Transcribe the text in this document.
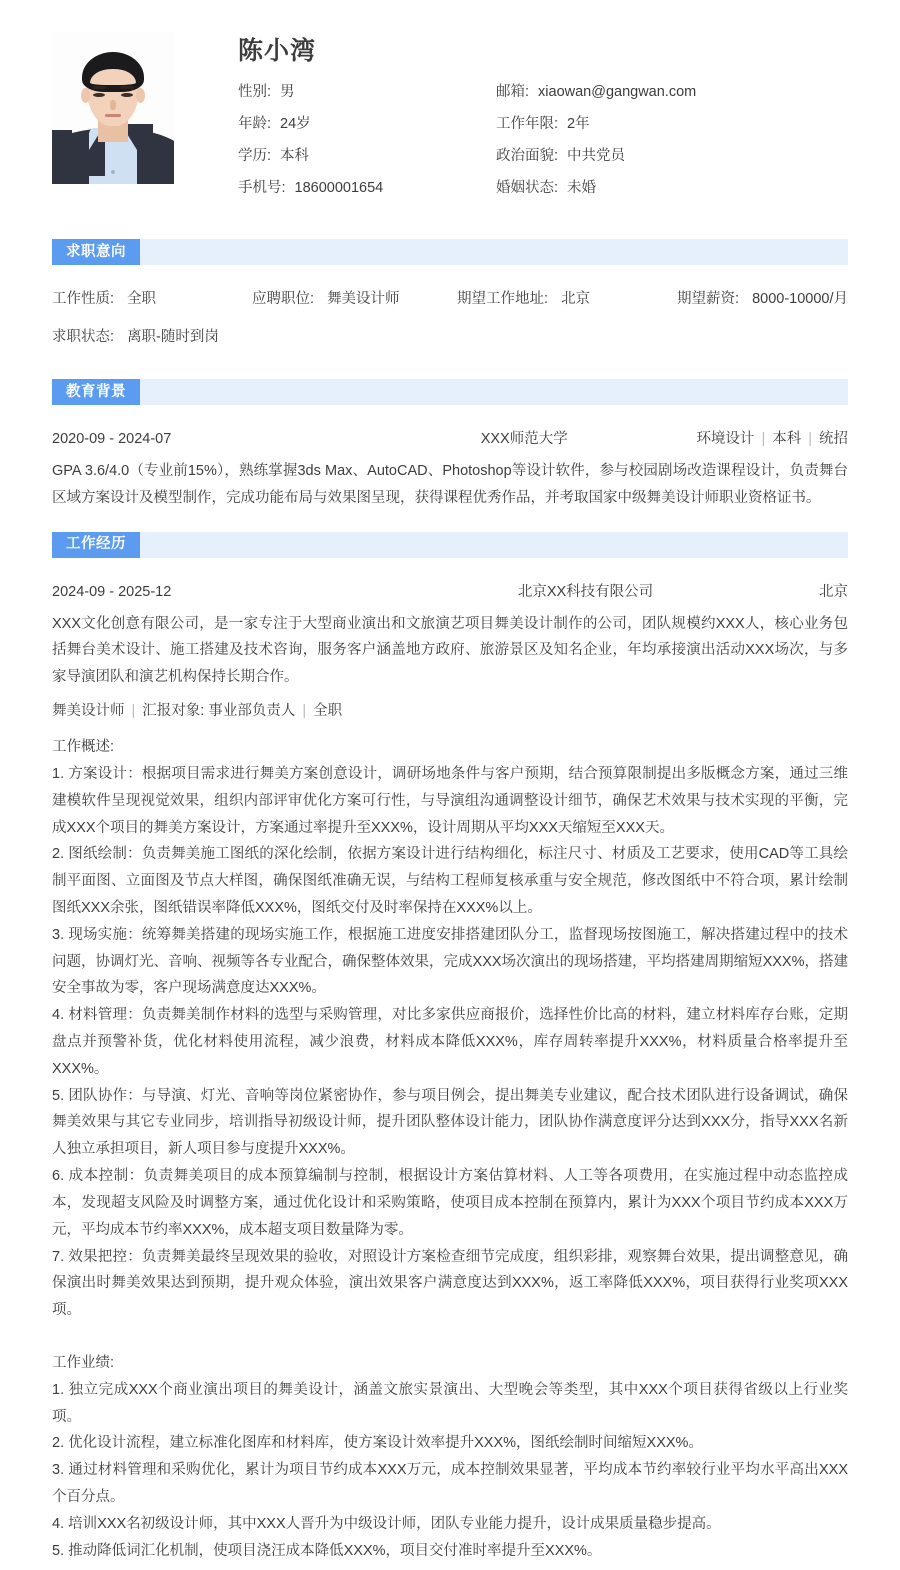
陈小湾
性别: 男	邮箱: xiaowan@gangwan.com
年龄: 24岁	工作年限: 2年
学历: 本科	政治面貌: 中共党员
手机号: 18600001654	婚姻状态: 未婚
求职意向
工作性质: 全职	应聘职位: 舞美设计师	期望工作地址: 北京	期望薪资: 8000-10000/月
求职状态: 离职-随时到岗
教育背景
2020-09 - 2024-07	XXX师范大学	环境设计 | 本科 | 统招
GPA 3.6/4.0（专业前15%），熟练掌握3ds Max、AutoCAD、Photoshop等设计软件，参与校园剧场改造课程设计，负责舞台区域方案设计及模型制作，完成功能布局与效果图呈现，获得课程优秀作品，并考取国家中级舞美设计师职业资格证书。
工作经历
2024-09 - 2025-12	北京XX科技有限公司	北京
XXX文化创意有限公司，是一家专注于大型商业演出和文旅演艺项目舞美设计制作的公司，团队规模约XXX人，核心业务包括舞台美术设计、施工搭建及技术咨询，服务客户涵盖地方政府、旅游景区及知名企业，年均承接演出活动XXX场次，与多家导演团队和演艺机构保持长期合作。
舞美设计师 | 汇报对象: 事业部负责人 | 全职

工作概述:

1. 方案设计：根据项目需求进行舞美方案创意设计，调研场地条件与客户预期，结合预算限制提出多版概念方案，通过三维建模软件呈现视觉效果，组织内部评审优化方案可行性，与导演组沟通调整设计细节，确保艺术效果与技术实现的平衡，完成XXX个项目的舞美方案设计，方案通过率提升至XXX%，设计周期从平均XXX天缩短至XXX天。

2. 图纸绘制：负责舞美施工图纸的深化绘制，依据方案设计进行结构细化，标注尺寸、材质及工艺要求，使用CAD等工具绘制平面图、立面图及节点大样图，确保图纸准确无误，与结构工程师复核承重与安全规范，修改图纸中不符合项，累计绘制图纸XXX余张，图纸错误率降低XXX%，图纸交付及时率保持在XXX%以上。

3. 现场实施：统筹舞美搭建的现场实施工作，根据施工进度安排搭建团队分工，监督现场按图施工，解决搭建过程中的技术问题，协调灯光、音响、视频等各专业配合，确保整体效果，完成XXX场次演出的现场搭建，平均搭建周期缩短XXX%，搭建安全事故为零，客户现场满意度达XXX%。

4. 材料管理：负责舞美制作材料的选型与采购管理，对比多家供应商报价，选择性价比高的材料，建立材料库存台账，定期盘点并预警补货，优化材料使用流程，减少浪费，材料成本降低XXX%，库存周转率提升XXX%，材料质量合格率提升至XXX%。

5. 团队协作：与导演、灯光、音响等岗位紧密协作，参与项目例会，提出舞美专业建议，配合技术团队进行设备调试，确保舞美效果与其它专业同步，培训指导初级设计师，提升团队整体设计能力，团队协作满意度评分达到XXX分，指导XXX名新人独立承担项目，新人项目参与度提升XXX%。

6. 成本控制：负责舞美项目的成本预算编制与控制，根据设计方案估算材料、人工等各项费用，在实施过程中动态监控成本，发现超支风险及时调整方案，通过优化设计和采购策略，使项目成本控制在预算内，累计为XXX个项目节约成本XXX万元，平均成本节约率XXX%，成本超支项目数量降为零。

7. 效果把控：负责舞美最终呈现效果的验收，对照设计方案检查细节完成度，组织彩排，观察舞台效果，提出调整意见，确保演出时舞美效果达到预期，提升观众体验，演出效果客户满意度达到XXX%，返工率降低XXX%，项目获得行业奖项XXX项。

工作业绩:

1. 独立完成XXX个商业演出项目的舞美设计，涵盖文旅实景演出、大型晚会等类型，其中XXX个项目获得省级以上行业奖项。

2. 优化设计流程，建立标准化图库和材料库，使方案设计效率提升XXX%，图纸绘制时间缩短XXX%。

3. 通过材料管理和采购优化，累计为项目节约成本XXX万元，成本控制效果显著，平均成本节约率较行业平均水平高出XXX个百分点。

4. 培训XXX名初级设计师，其中XXX人晋升为中级设计师，团队专业能力提升，设计成果质量稳步提高。

5. 推动降低词汇化机制，使项目浇汪成本降低XXX%，项目交付准时率提升至XXX%。
